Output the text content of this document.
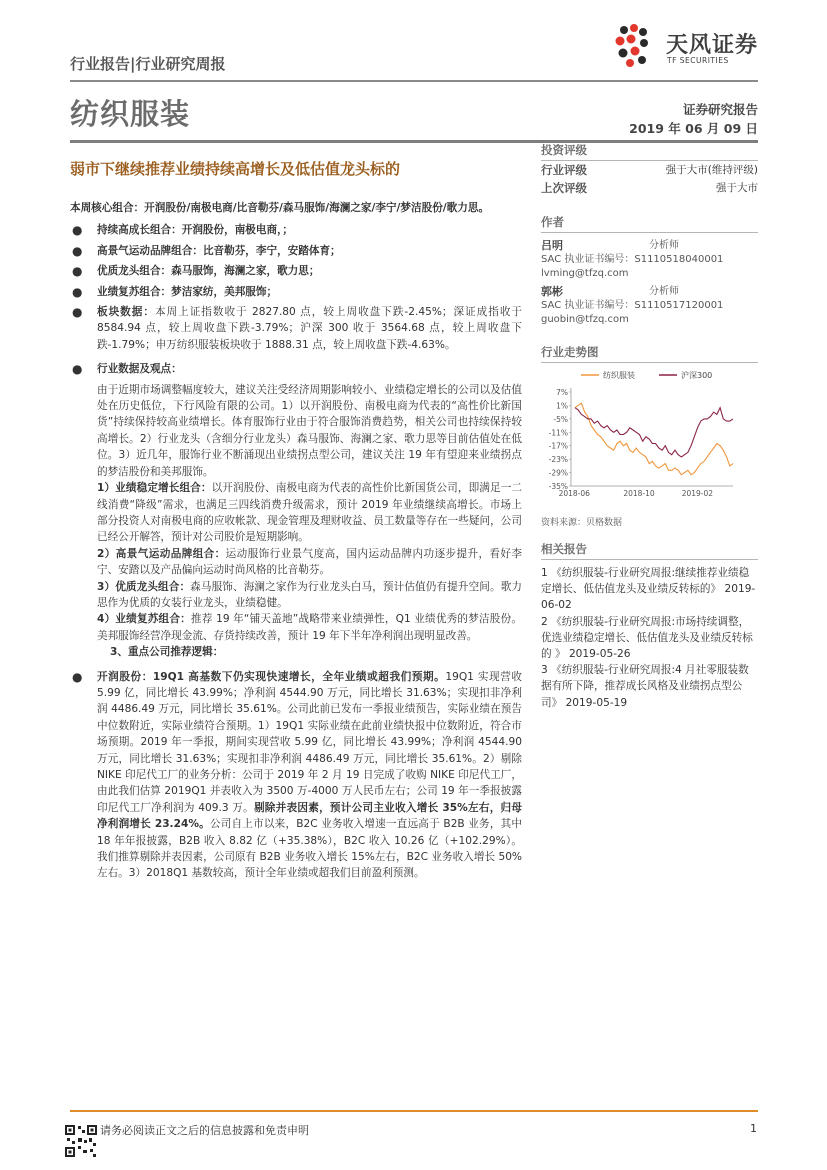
行业报告|行业研究周报
天风证券
TF SECURITIES
纺织服装	证券研究报告
2019 年 06 月 09 日
弱市下继续推荐业绩持续高增长及低估值龙头标的

本周核心组合：开润股份/南极电商/比音勒芬/森马服饰/海澜之家/李宁/梦洁股份/歌力思。

● 持续高成长组合：开润股份，南极电商，；
● 高景气运动品牌组合：比音勒芬，李宁，安踏体育；
● 优质龙头组合：森马服饰，海澜之家，歌力思；
● 业绩复苏组合：梦洁家纺，美邦服饰；
● 板块数据：本周上证指数收于 2827.80 点，较上周收盘下跌-2.45%；深证成指收于 8584.94 点，较上周收盘下跌-3.79%；沪深 300 收于 3564.68 点，较上周收盘下跌-1.79%；申万纺织服装板块收于 1888.31 点，较上周收盘下跌-4.63%。

● 行业数据及观点：

由于近期市场调整幅度较大，建议关注受经济周期影响较小、业绩稳定增长的公司以及估值处在历史低位，下行风险有限的公司。1）以开润股份、南极电商为代表的“高性价比新国货”持续保持较高业绩增长。体育服饰行业由于符合服饰消费趋势，相关公司也持续保持较高增长。2）行业龙头（含细分行业龙头）森马服饰、海澜之家、歌力思等目前估值处在低位。3）近几年，服饰行业不断涌现出业绩拐点型公司，建议关注 19 年有望迎来业绩拐点的梦洁股份和美邦服饰。

1）业绩稳定增长组合：以开润股份、南极电商为代表的高性价比新国货公司，即满足一二线消费“降级”需求，也满足三四线消费升级需求，预计 2019 年业绩继续高增长。市场上部分投资人对南极电商的应收帐款、现金管理及理财收益、员工数量等存在一些疑问，公司已经公开解答，预计对公司股价是短期影响。

2）高景气运动品牌组合：运动服饰行业景气度高，国内运动品牌内功逐步提升，看好李宁、安踏以及产品偏向运动时尚风格的比音勒芬。

3）优质龙头组合：森马服饰、海澜之家作为行业龙头白马，预计估值仍有提升空间。歌力思作为优质的女装行业龙头，业绩稳健。

4）业绩复苏组合：推荐 19 年“铺天盖地”战略带来业绩弹性，Q1 业绩优秀的梦洁股份。美邦服饰经营净现金流、存货持续改善，预计 19 年下半年净利润出现明显改善。

3、重点公司推荐逻辑：

● 开润股份：19Q1 高基数下仍实现快速增长，全年业绩或超我们预期。19Q1 实现营收 5.99 亿，同比增长 43.99%；净利润 4544.90 万元，同比增长 31.63%；实现扣非净利润 4486.49 万元，同比增长 35.61%。公司此前已发布一季报业绩预告，实际业绩在预告中位数附近，实际业绩符合预期。1）19Q1 实际业绩在此前业绩快报中位数附近，符合市场预期。2019 年一季报，期间实现营收 5.99 亿，同比增长 43.99%；净利润 4544.90 万元，同比增长 31.63%；实现扣非净利润 4486.49 万元，同比增长 35.61%。2）剔除 NIKE 印尼代工厂的业务分析：公司于 2019 年 2 月 19 日完成了收购 NIKE 印尼代工厂，由此我们估算 2019Q1 并表收入为 3500 万-4000 万人民币左右；公司 19 年一季报披露印尼代工厂净利润为 409.3 万。剔除并表因素，预计公司主业收入增长 35%左右，归母净利润增长 23.24%。公司自上市以来，B2C 业务收入增速一直远高于 B2B 业务，其中 18 年年报披露，B2B 收入 8.82 亿（+35.38%），B2C 收入 10.26 亿（+102.29%）。我们推算剔除并表因素，公司原有 B2B 业务收入增长 15%左右，B2C 业务收入增长 50%左右。3）2018Q1 基数较高，预计全年业绩或超我们目前盈利预测。

投资评级
行业评级	强于大市(维持评级)
上次评级	强于大市
作者
吕明	分析师
SAC 执业证书编号：S1110518040001
lvming@tfzq.com
郭彬	分析师
SAC 执业证书编号：S1110517120001
guobin@tfzq.com
行业走势图
7%
1%
-5%
-11%
-17%
-23%
-29%
-35%
2018-06	2018-10	2019-02
纺织服装	沪深300
资料来源：贝格数据
相关报告
1 《纺织服装-行业研究周报:继续推荐业绩稳定增长、低估值龙头及业绩反转标的》 2019-06-02
2 《纺织服装-行业研究周报:市场持续调整，优选业绩稳定增长、低估值龙头及业绩反转标的 》 2019-05-26
3 《纺织服装-行业研究周报:4 月社零服装数据有所下降，推荐成长风格及业绩拐点型公司》 2019-05-19
请务必阅读正文之后的信息披露和免责申明	1
